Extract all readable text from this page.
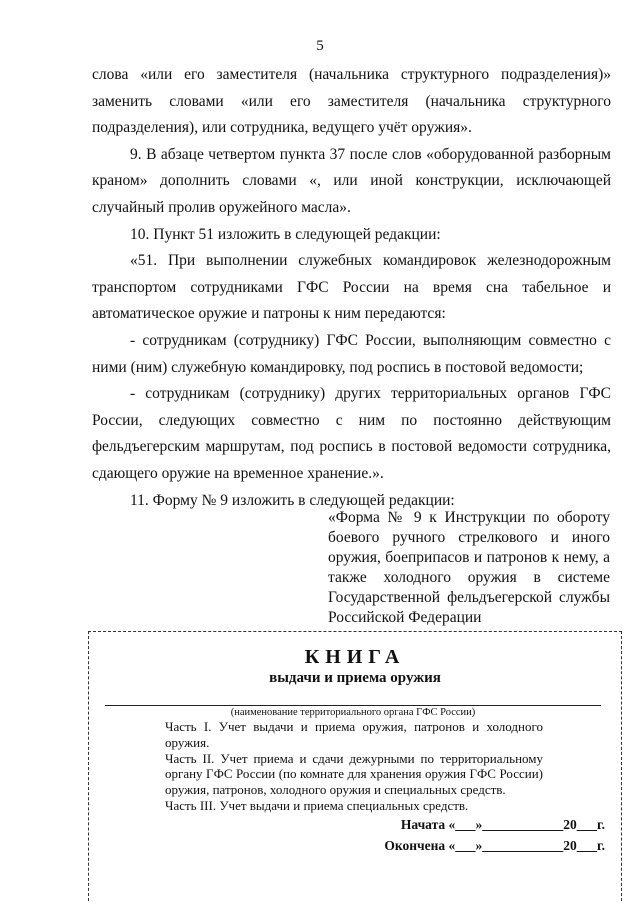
5

слова «или его заместителя (начальника структурного подразделения)» заменить словами «или его заместителя (начальника структурного подразделения), или сотрудника, ведущего учёт оружия».

9. В абзаце четвертом пункта 37 после слов «оборудованной разборным краном» дополнить словами «, или иной конструкции, исключающей случайный пролив оружейного масла».

10. Пункт 51 изложить в следующей редакции:

«51. При выполнении служебных командировок железнодорожным транспортом сотрудниками ГФС России на время сна табельное и автоматическое оружие и патроны к ним передаются:

- сотрудникам (сотруднику) ГФС России, выполняющим совместно с ними (ним) служебную командировку, под роспись в постовой ведомости;

- сотрудникам (сотруднику) других территориальных органов ГФС России, следующих совместно с ним по постоянно действующим фельдъегерским маршрутам, под роспись в постовой ведомости сотрудника, сдающего оружие на временное хранение.».

11. Форму № 9 изложить в следующей редакции:

«Форма № 9 к Инструкции по обороту боевого ручного стрелкового и иного оружия, боеприпасов и патронов к нему, а также холодного оружия в системе Государственной фельдъегерской службы Российской Федерации
КНИГА
выдачи и приема оружия
(наименование территориального органа ГФС России)

Часть I. Учет выдачи и приема оружия, патронов и холодного оружия.

Часть II. Учет приема и сдачи дежурными по территориальному органу ГФС России (по комнате для хранения оружия ГФС России) оружия, патронов, холодного оружия и специальных средств.

Часть III. Учет выдачи и приема специальных средств.

Начата «___»____________20___г.
Окончена «___»____________20___г.
